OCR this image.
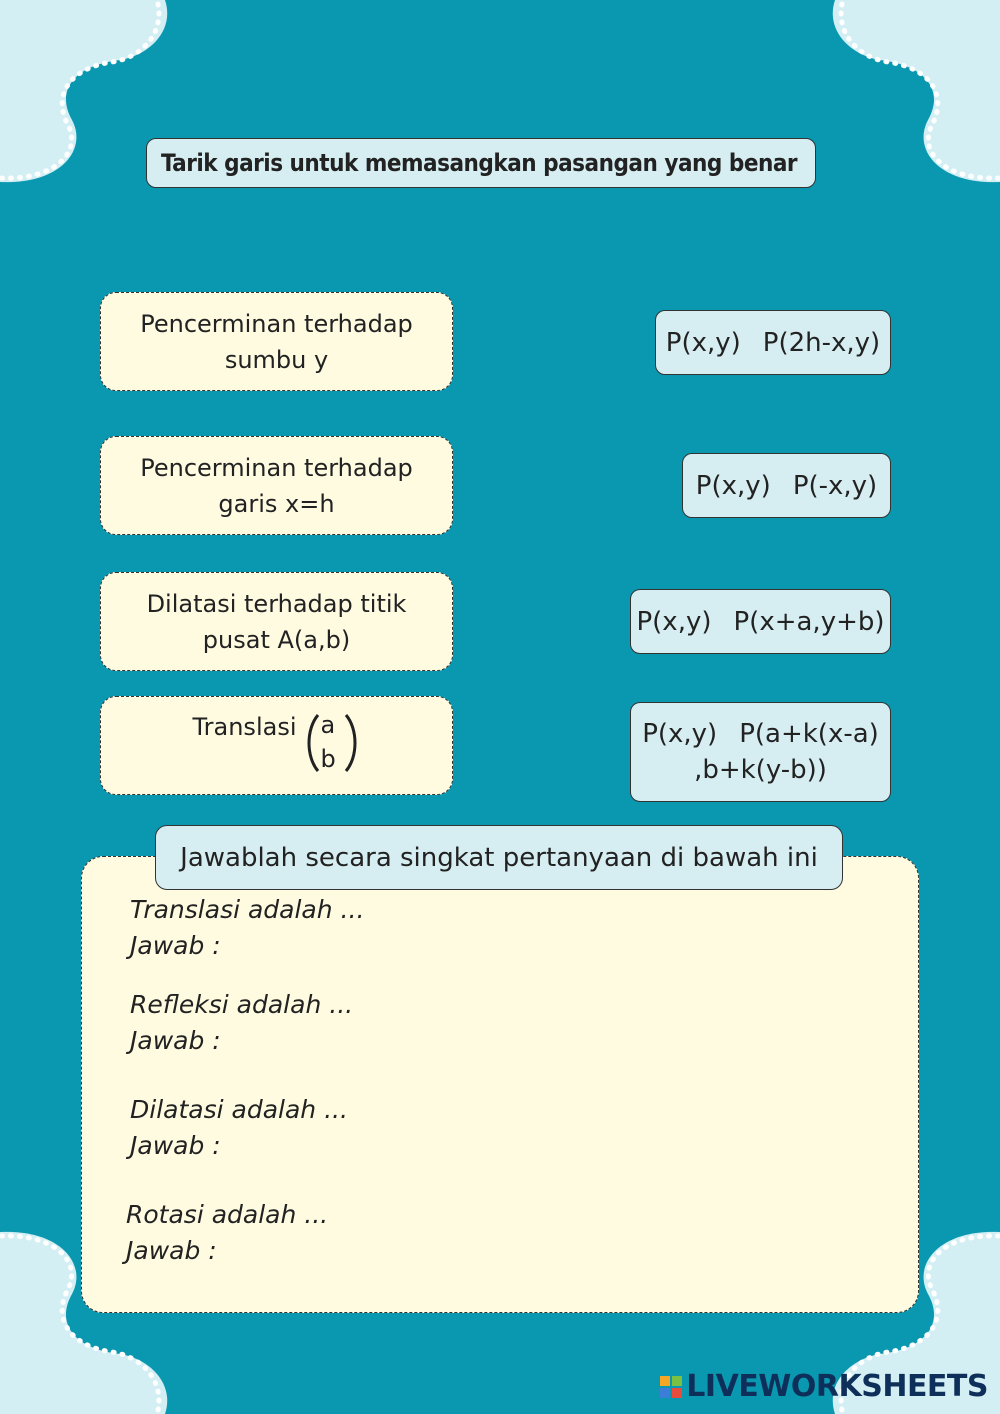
Tarik garis untuk memasangkan pasangan yang benar
Pencerminan terhadap
sumbu y
Pencerminan terhadap
garis x=h
Dilatasi terhadap titik
pusat A(a,b)
Translasi a
b
P(x,y) P(2h-x,y)
P(x,y) P(-x,y)
P(x,y) P(x+a,y+b)
P(x,y) P(a+k(x-a)
,b+k(y-b))
Jawablah secara singkat pertanyaan di bawah ini
Translasi adalah ...
Jawab :
Refleksi adalah ...
Jawab :
Dilatasi adalah ...
Jawab :
Rotasi adalah ...
Jawab :
LIVEWORKSHEETS
